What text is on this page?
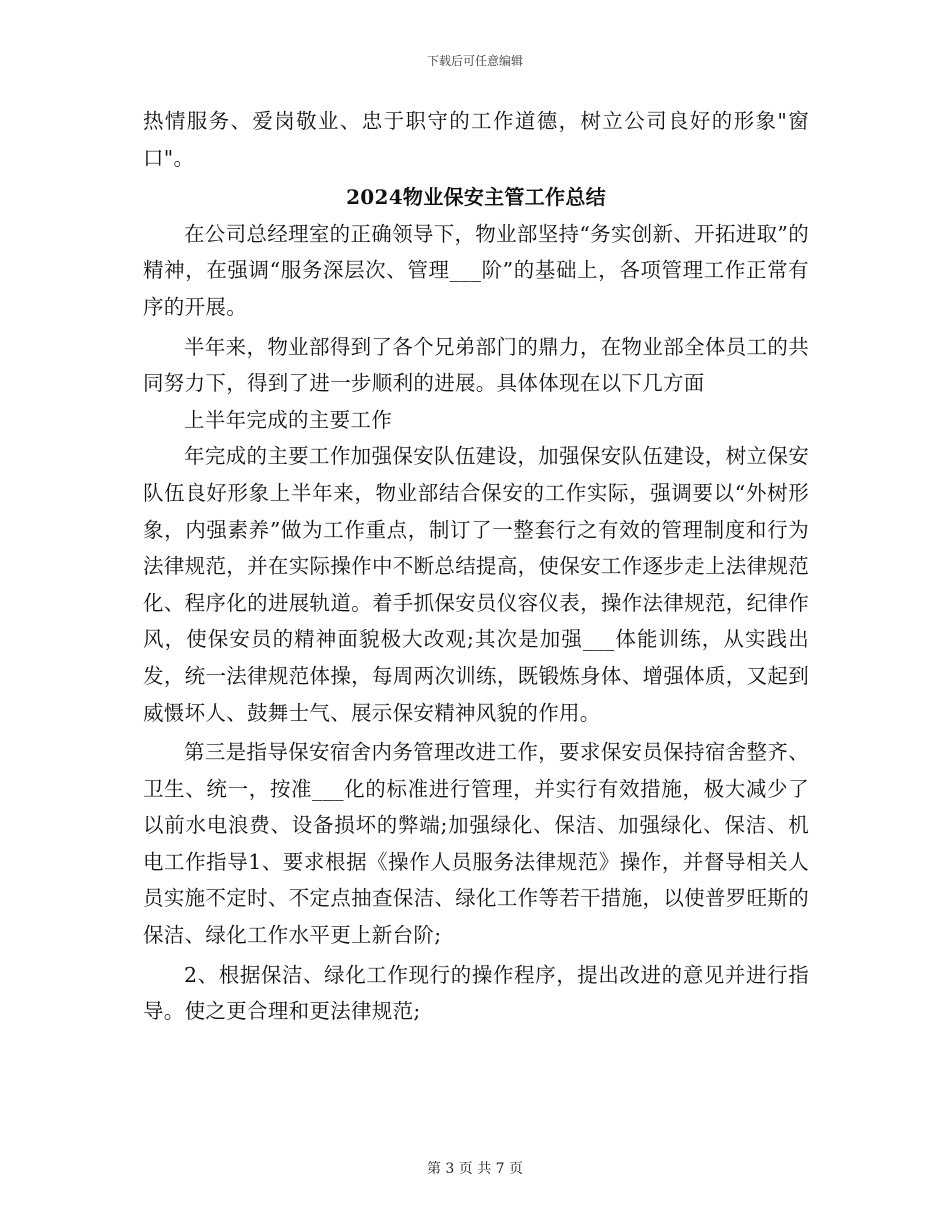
下载后可任意编辑

热情服务、爱岗敬业、忠于职守的工作道德，树立公司良好的形象"窗口"。

2024物业保安主管工作总结

在公司总经理室的正确领导下，物业部坚持“务实创新、开拓进取”的精神，在强调“服务深层次、管理___阶”的基础上，各项管理工作正常有序的开展。

半年来，物业部得到了各个兄弟部门的鼎力，在物业部全体员工的共同努力下，得到了进一步顺利的进展。具体体现在以下几方面

上半年完成的主要工作

年完成的主要工作加强保安队伍建设，加强保安队伍建设，树立保安队伍良好形象上半年来，物业部结合保安的工作实际，强调要以“外树形象，内强素养”做为工作重点，制订了一整套行之有效的管理制度和行为法律规范，并在实际操作中不断总结提高，使保安工作逐步走上法律规范化、程序化的进展轨道。着手抓保安员仪容仪表，操作法律规范，纪律作风，使保安员的精神面貌极大改观;其次是加强___体能训练，从实践出发，统一法律规范体操，每周两次训练，既锻炼身体、增强体质，又起到威慑坏人、鼓舞士气、展示保安精神风貌的作用。

第三是指导保安宿舍内务管理改进工作，要求保安员保持宿舍整齐、卫生、统一，按准___化的标准进行管理，并实行有效措施，极大减少了以前水电浪费、设备损坏的弊端;加强绿化、保洁、加强绿化、保洁、机电工作指导1、要求根据《操作人员服务法律规范》操作，并督导相关人员实施不定时、不定点抽查保洁、绿化工作等若干措施，以使普罗旺斯的保洁、绿化工作水平更上新台阶;

2、根据保洁、绿化工作现行的操作程序，提出改进的意见并进行指导。使之更合理和更法律规范;

第 3 页 共 7 页
